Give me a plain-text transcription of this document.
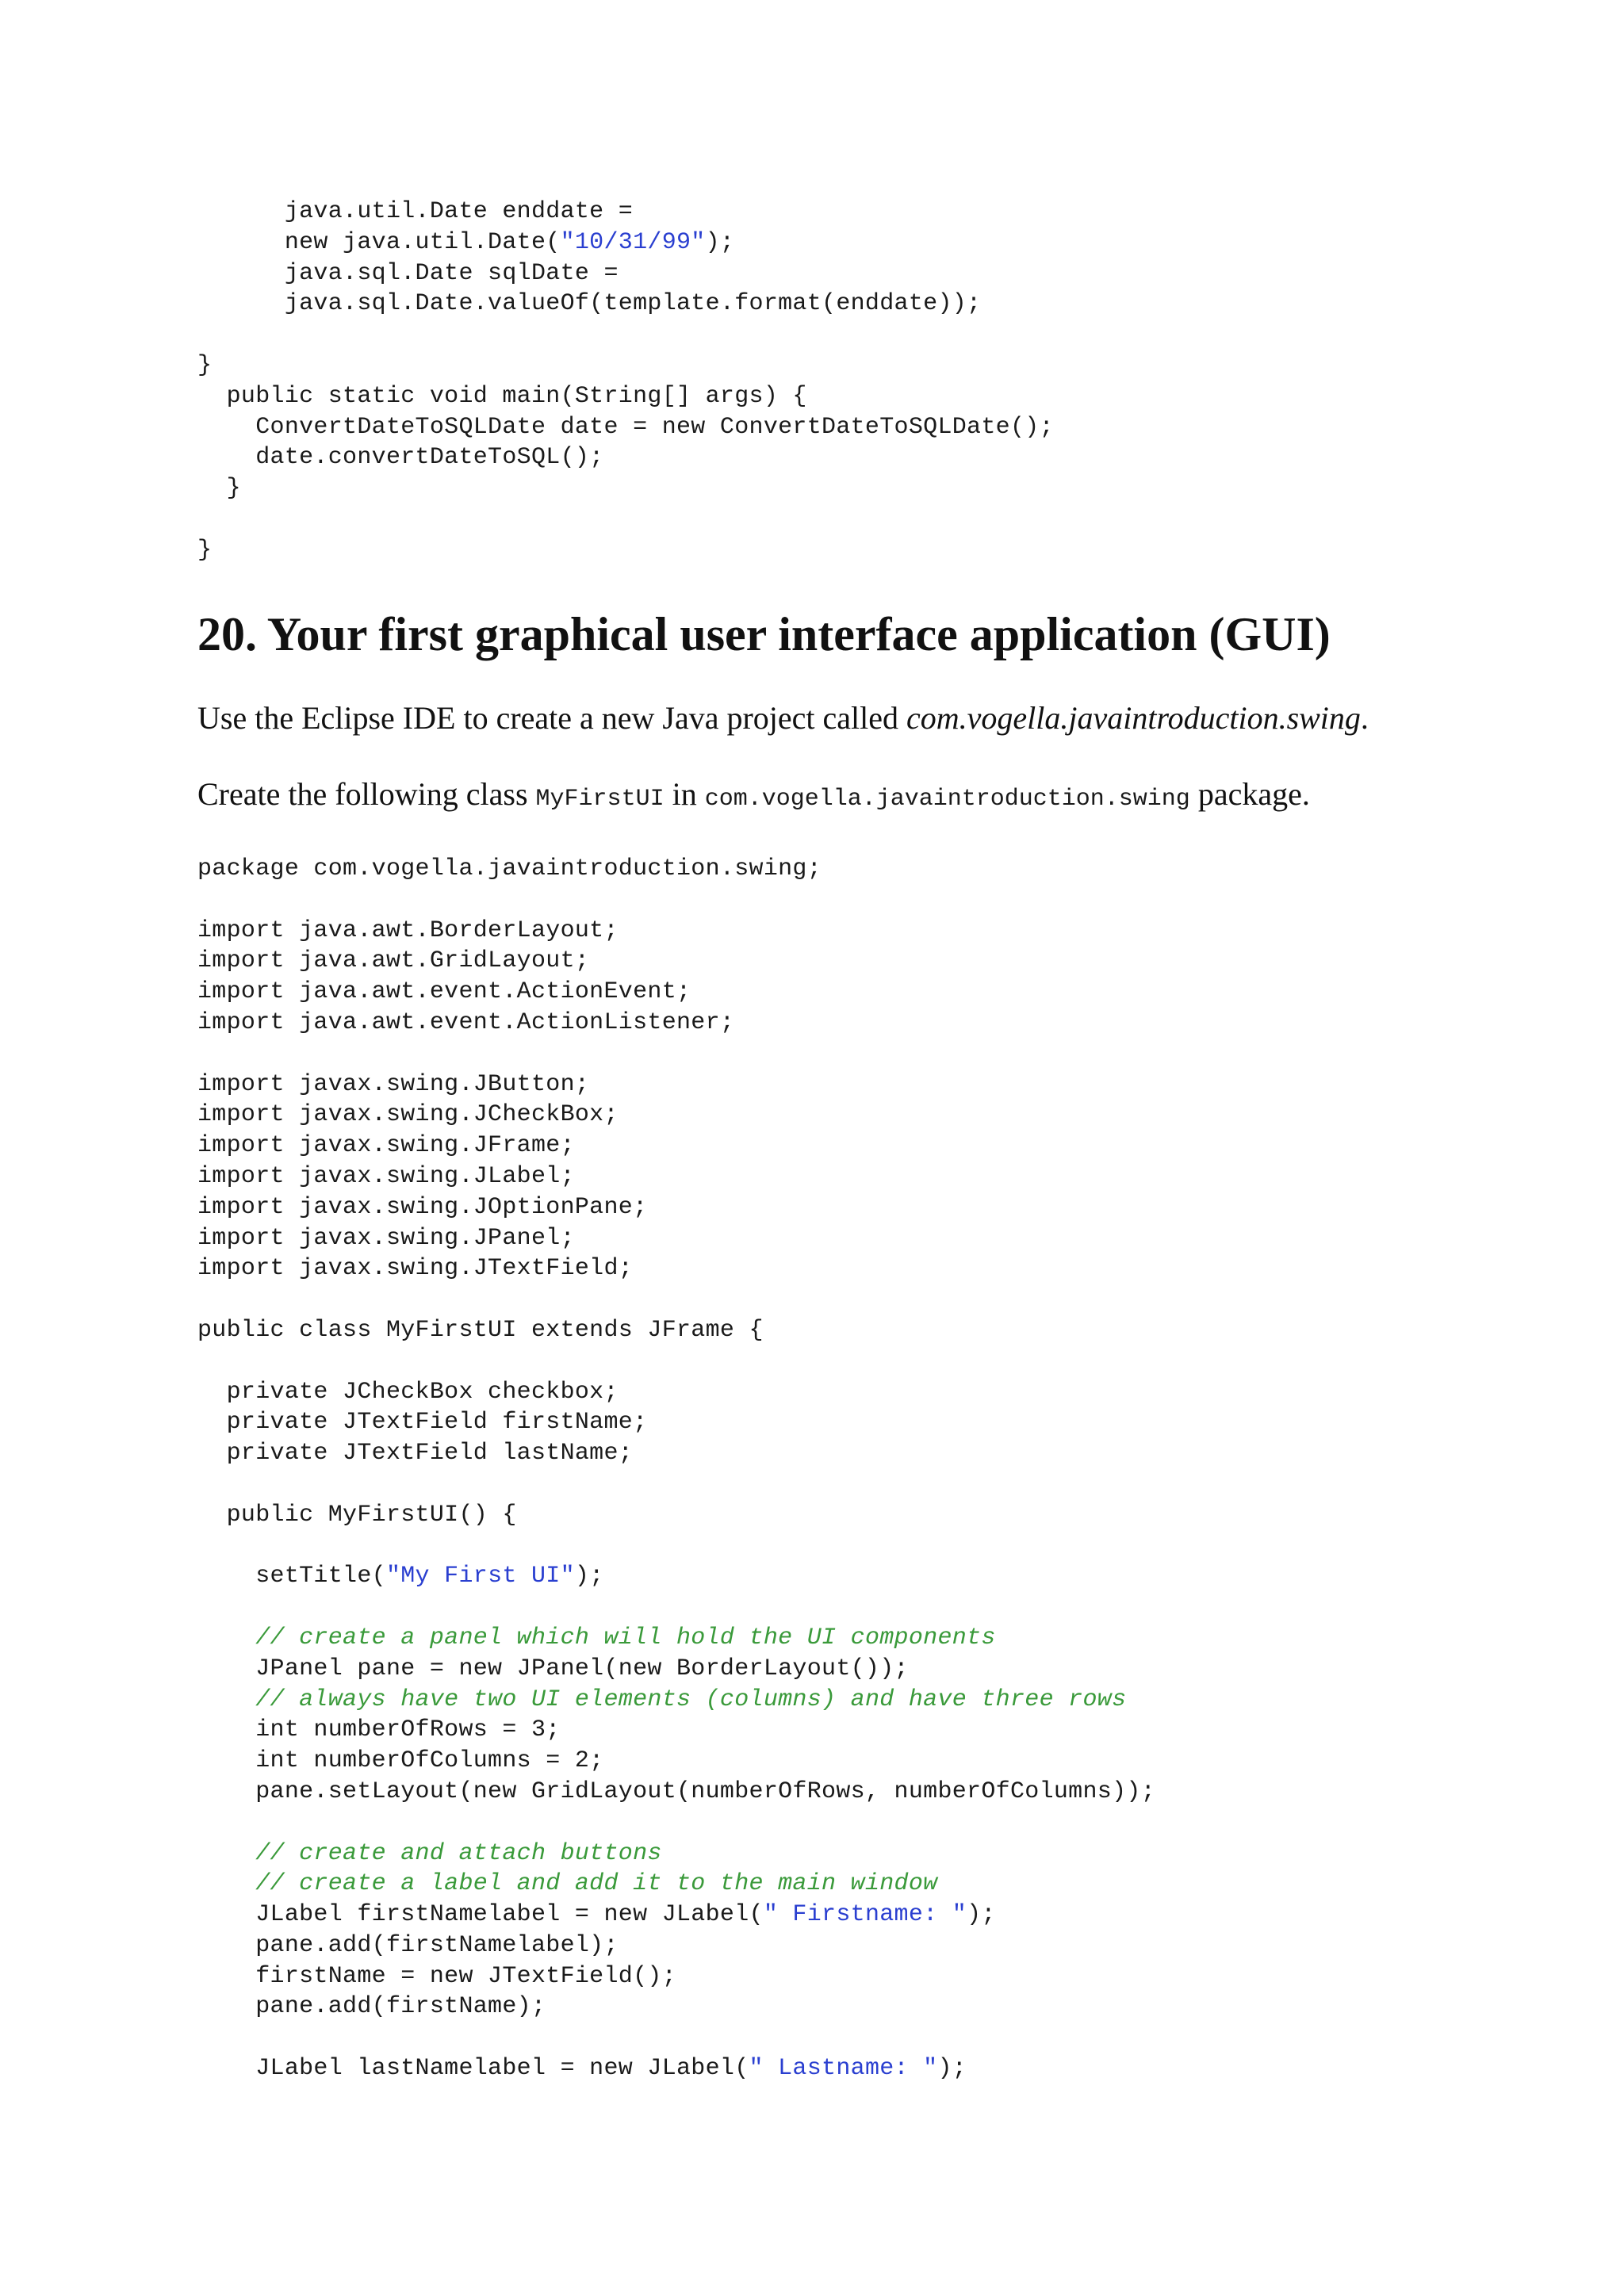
java.util.Date enddate =
new java.util.Date("10/31/99");
java.sql.Date sqlDate =
java.sql.Date.valueOf(template.format(enddate));
}
public static void main(String[] args) {
ConvertDateToSQLDate date = new ConvertDateToSQLDate();
date.convertDateToSQL();
}
}
20. Your first graphical user interface application (GUI)

Use the Eclipse IDE to create a new Java project called com.vogella.javaintroduction.swing.

Create the following class MyFirstUI in com.vogella.javaintroduction.swing package.

package com.vogella.javaintroduction.swing;
import java.awt.BorderLayout;
import java.awt.GridLayout;
import java.awt.event.ActionEvent;
import java.awt.event.ActionListener;
import javax.swing.JButton;
import javax.swing.JCheckBox;
import javax.swing.JFrame;
import javax.swing.JLabel;
import javax.swing.JOptionPane;
import javax.swing.JPanel;
import javax.swing.JTextField;
public class MyFirstUI extends JFrame {
private JCheckBox checkbox;
private JTextField firstName;
private JTextField lastName;
public MyFirstUI() {
setTitle("My First UI");
// create a panel which will hold the UI components
JPanel pane = new JPanel(new BorderLayout());
// always have two UI elements (columns) and have three rows
int numberOfRows = 3;
int numberOfColumns = 2;
pane.setLayout(new GridLayout(numberOfRows, numberOfColumns));
// create and attach buttons
// create a label and add it to the main window
JLabel firstNamelabel = new JLabel(" Firstname: ");
pane.add(firstNamelabel);
firstName = new JTextField();
pane.add(firstName);
JLabel lastNamelabel = new JLabel(" Lastname: ");
